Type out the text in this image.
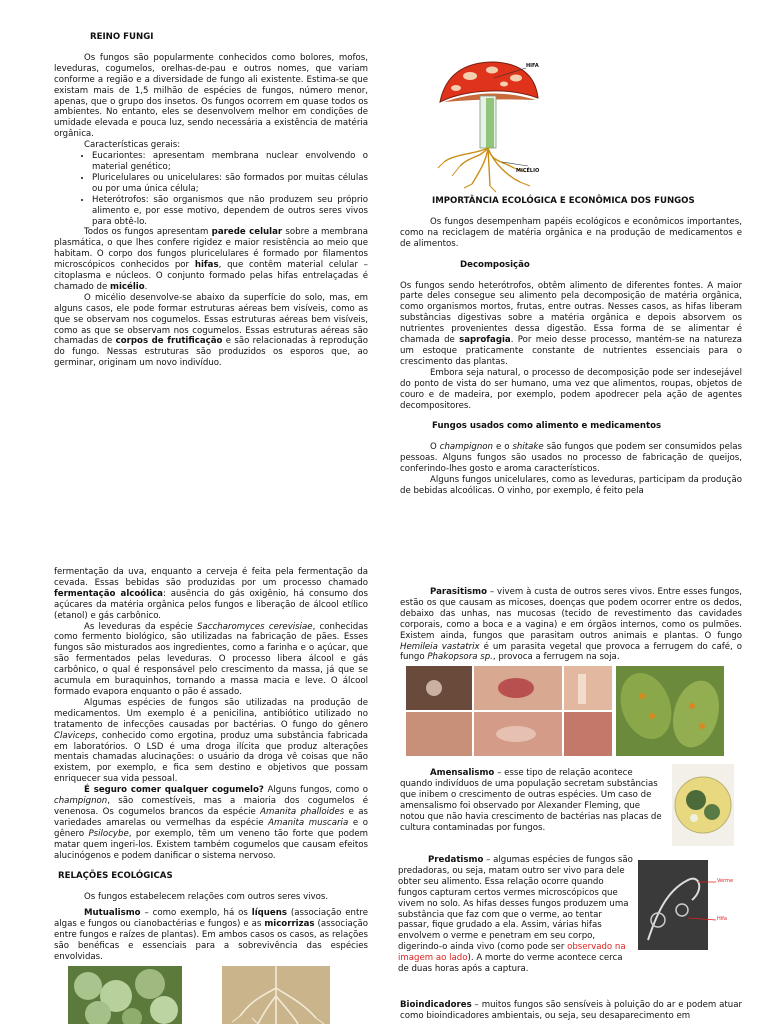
REINO FUNGI

Os fungos são popularmente conhecidos como bolores, mofos, leveduras, cogumelos, orelhas-de-pau e outros nomes, que variam conforme a região e a diversidade de fungo ali existente. Estima-se que existam mais de 1,5 milhão de espécies de fungos, número menor, apenas, que o grupo dos insetos. Os fungos ocorrem em quase todos os ambientes. No entanto, eles se desenvolvem melhor em condições de umidade elevada e pouca luz, sendo necessária a existência de matéria orgânica.

Características gerais:

• Eucariontes: apresentam membrana nuclear envolvendo o material genético;
• Pluricelulares ou unicelulares: são formados por muitas células ou por uma única célula;
• Heterótrofos: são organismos que não produzem seu próprio alimento e, por esse motivo, dependem de outros seres vivos para obtê-lo.

Todos os fungos apresentam parede celular sobre a membrana plasmática, o que lhes confere rigidez e maior resistência ao meio que habitam. O corpo dos fungos pluricelulares é formado por filamentos microscópicos conhecidos por hifas, que contêm material celular – citoplasma e núcleos. O conjunto formado pelas hifas entrelaçadas é chamado de micélio.

O micélio desenvolve-se abaixo da superfície do solo, mas, em alguns casos, ele pode formar estruturas aéreas bem visíveis, como as que se observam nos cogumelos. Essas estruturas aéreas bem visíveis, como as que se observam nos cogumelos. Essas estruturas aéreas são chamadas de corpos de frutificação e são relacionadas à reprodução do fungo. Nessas estruturas são produzidos os esporos que, ao germinar, originam um novo indivíduo.

HIFA
MICÉLIO

IMPORTÂNCIA ECOLÓGICA E ECONÔMICA DOS FUNGOS

Os fungos desempenham papéis ecológicos e econômicos importantes, como na reciclagem de matéria orgânica e na produção de medicamentos e de alimentos.

Decomposição

Os fungos sendo heterótrofos, obtêm alimento de diferentes fontes. A maior parte deles consegue seu alimento pela decomposição de matéria orgânica, como organismos mortos, frutas, entre outras. Nesses casos, as hifas liberam substâncias digestivas sobre a matéria orgânica e depois absorvem os nutrientes provenientes dessa digestão. Essa forma de se alimentar é chamada de saprofagia. Por meio desse processo, mantém-se na natureza um estoque praticamente constante de nutrientes essenciais para o crescimento das plantas.

Embora seja natural, o processo de decomposição pode ser indesejável do ponto de vista do ser humano, uma vez que alimentos, roupas, objetos de couro e de madeira, por exemplo, podem apodrecer pela ação de agentes decompositores.

Fungos usados como alimento e medicamentos

O champignon e o shitake são fungos que podem ser consumidos pelas pessoas. Alguns fungos são usados no processo de fabricação de queijos, conferindo-lhes gosto e aroma característicos.

Alguns fungos unicelulares, como as leveduras, participam da produção de bebidas alcoólicas. O vinho, por exemplo, é feito pela

fermentação da uva, enquanto a cerveja é feita pela fermentação da cevada. Essas bebidas são produzidas por um processo chamado fermentação alcoólica: ausência do gás oxigênio, há consumo dos açúcares da matéria orgânica pelos fungos e liberação de álcool etílico (etanol) e gás carbônico.

As leveduras da espécie Saccharomyces cerevisiae, conhecidas como fermento biológico, são utilizadas na fabricação de pães. Esses fungos são misturados aos ingredientes, como a farinha e o açúcar, que são fermentados pelas leveduras. O processo libera álcool e gás carbônico, o qual é responsável pelo crescimento da massa, já que se acumula em buraquinhos, tornando a massa macia e leve. O álcool formado evapora enquanto o pão é assado.

Algumas espécies de fungos são utilizadas na produção de medicamentos. Um exemplo é a penicilina, antibiótico utilizado no tratamento de infecções causadas por bactérias. O fungo do gênero Claviceps, conhecido como ergotina, produz uma substância fabricada em laboratórios. O LSD é uma droga ilícita que produz alterações mentais chamadas alucinações: o usuário da droga vê coisas que não existem, por exemplo, e fica sem destino e objetivos que possam enriquecer sua vida pessoal.

É seguro comer qualquer cogumelo? Alguns fungos, como o champignon, são comestíveis, mas a maioria dos cogumelos é venenosa. Os cogumelos brancos da espécie Amanita phalloides e as variedades amarelas ou vermelhas da espécie Amanita muscaria e o gênero Psilocybe, por exemplo, têm um veneno tão forte que podem matar quem ingeri-los. Existem também cogumelos que causam efeitos alucinógenos e podem danificar o sistema nervoso.

RELAÇÕES ECOLÓGICAS

Os fungos estabelecem relações com outros seres vivos.

Mutualismo – como exemplo, há os líquens (associação entre algas e fungos ou cianobactérias e fungos) e as micorrizas (associação entre fungos e raízes de plantas). Em ambos casos os casos, as relações são benéficas e essenciais para a sobrevivência das espécies envolvidas.

Parasitismo – vivem à custa de outros seres vivos. Entre esses fungos, estão os que causam as micoses, doenças que podem ocorrer entre os dedos, debaixo das unhas, nas mucosas (tecido de revestimento das cavidades corporais, como a boca e a vagina) e em órgãos internos, como os pulmões. Existem ainda, fungos que parasitam outros animais e plantas. O fungo Hemileia vastatrix é um parasita vegetal que provoca a ferrugem do café, o fungo Phakopsora sp., provoca a ferrugem na soja.

Amensalismo – esse tipo de relação acontece quando indivíduos de uma população secretam substâncias que inibem o crescimento de outras espécies. Um caso de amensalismo foi observado por Alexander Fleming, que notou que não havia crescimento de bactérias nas placas de cultura contaminadas por fungos.

Predatismo – algumas espécies de fungos são predadoras, ou seja, matam outro ser vivo para dele obter seu alimento. Essa relação ocorre quando fungos capturam certos vermes microscópicos que vivem no solo. As hifas desses fungos produzem uma substância que faz com que o verme, ao tentar passar, fique grudado a ela. Assim, várias hifas envolvem o verme e penetram em seu corpo, digerindo-o ainda vivo (como pode ser observado na imagem ao lado). A morte do verme acontece cerca de duas horas após a captura.

Verme
Hifa

Bioindicadores – muitos fungos são sensíveis à poluição do ar e podem atuar como bioindicadores ambientais, ou seja, seu desaparecimento em
